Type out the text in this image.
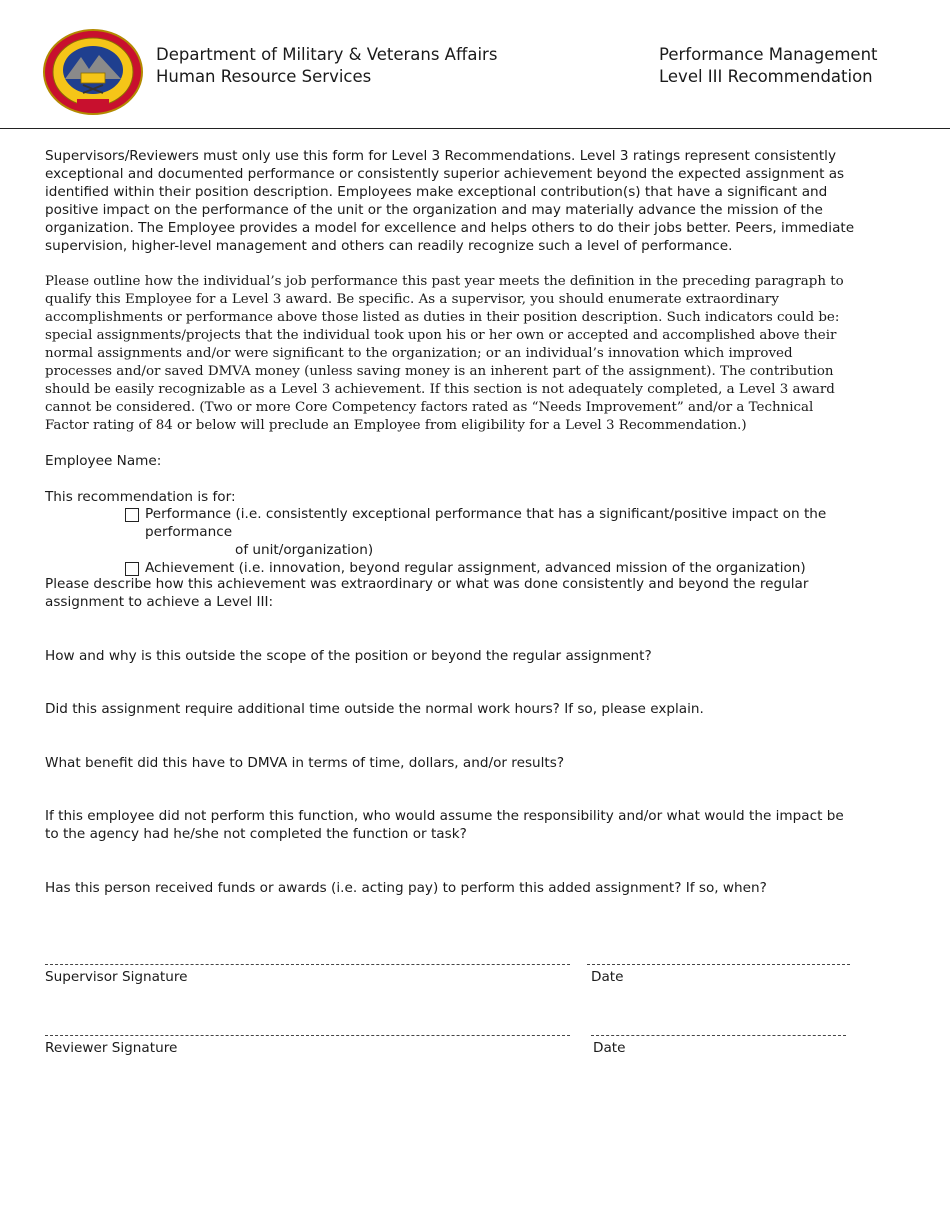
Department of Military & Veterans Affairs
Human Resource Services
Performance Management
Level III Recommendation

Supervisors/Reviewers must only use this form for Level 3 Recommendations. Level 3 ratings represent consistently exceptional and documented performance or consistently superior achievement beyond the expected assignment as identified within their position description. Employees make exceptional contribution(s) that have a significant and positive impact on the performance of the unit or the organization and may materially advance the mission of the organization. The Employee provides a model for excellence and helps others to do their jobs better. Peers, immediate supervision, higher-level management and others can readily recognize such a level of performance.

Please outline how the individual’s job performance this past year meets the definition in the preceding paragraph to qualify this Employee for a Level 3 award. Be specific. As a supervisor, you should enumerate extraordinary accomplishments or performance above those listed as duties in their position description. Such indicators could be: special assignments/projects that the individual took upon his or her own or accepted and accomplished above their normal assignments and/or were significant to the organization; or an individual’s innovation which improved processes and/or saved DMVA money (unless saving money is an inherent part of the assignment). The contribution should be easily recognizable as a Level 3 achievement. If this section is not adequately completed, a Level 3 award cannot be considered. (Two or more Core Competency factors rated as “Needs Improvement” and/or a Technical Factor rating of 84 or below will preclude an Employee from eligibility for a Level 3 Recommendation.)

Employee Name:

This recommendation is for:

Performance (i.e. consistently exceptional performance that has a significant/positive impact on the performance
of unit/organization)
Achievement (i.e. innovation, beyond regular assignment, advanced mission of the organization)

Please describe how this achievement was extraordinary or what was done consistently and beyond the regular assignment to achieve a Level III:

How and why is this outside the scope of the position or beyond the regular assignment?

Did this assignment require additional time outside the normal work hours? If so, please explain.

What benefit did this have to DMVA in terms of time, dollars, and/or results?

If this employee did not perform this function, who would assume the responsibility and/or what would the impact be to the agency had he/she not completed the function or task?

Has this person received funds or awards (i.e. acting pay) to perform this added assignment? If so, when?

Supervisor Signature	Date
Reviewer Signature	Date
